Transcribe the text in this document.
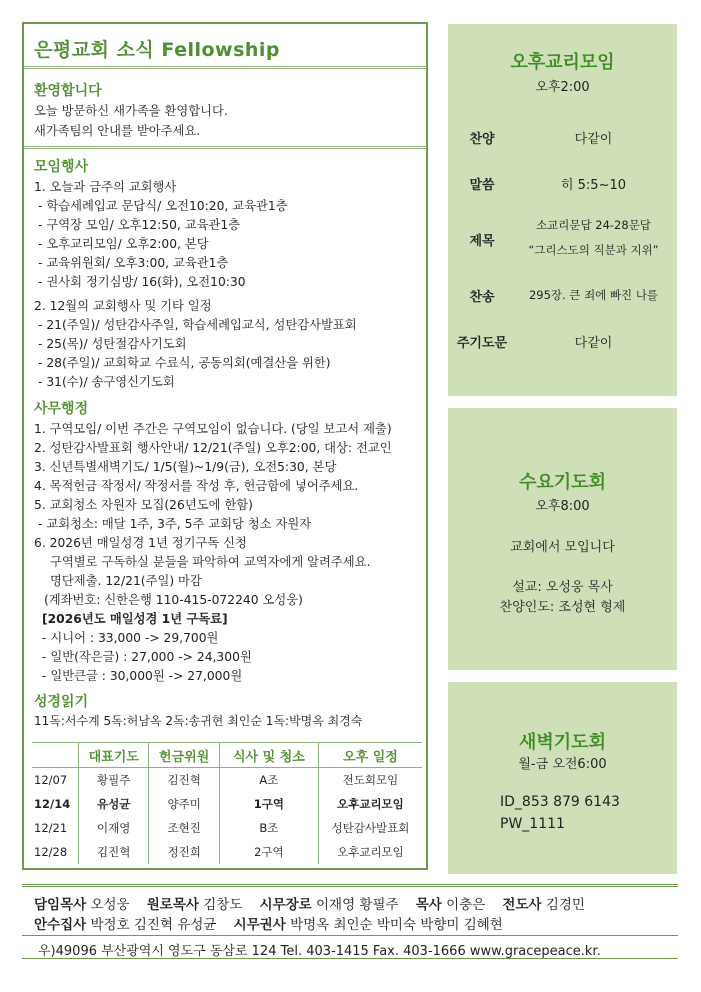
은평교회 소식 Fellowship
환영합니다
오늘 방문하신 새가족을 환영합니다.
새가족팀의 안내를 받아주세요.
모임행사
1. 오늘과 금주의 교회행사
- 학습세례입교 문답식/ 오전10:20, 교육관1층
- 구역장 모임/ 오후12:50, 교육관1층
- 오후교리모임/ 오후2:00, 본당
- 교육위원회/ 오후3:00, 교육관1층
- 권사회 정기심방/ 16(화), 오전10:30
2. 12월의 교회행사 및 기타 일정
- 21(주일)/ 성탄감사주일, 학습세례입교식, 성탄감사발표회
- 25(목)/ 성탄절감사기도회
- 28(주일)/ 교회학교 수료식, 공동의회(예결산을 위한)
- 31(수)/ 송구영신기도회
사무행정
1. 구역모임/ 이번 주간은 구역모임이 없습니다. (당일 보고서 제출)
2. 성탄감사발표회 행사안내/ 12/21(주일) 오후2:00, 대상: 전교인
3. 신년특별새벽기도/ 1/5(월)~1/9(금), 오전5:30, 본당
4. 목적헌금 작정서/ 작정서를 작성 후, 헌금함에 넣어주세요.
5. 교회청소 자원자 모집(26년도에 한함)
- 교회청소: 매달 1주, 3주, 5주 교회당 청소 자원자
6. 2026년 매일성경 1년 정기구독 신청
구역별로 구독하실 분들을 파악하여 교역자에게 알려주세요.
명단제출. 12/21(주일) 마감
(계좌번호: 신한은행 110-415-072240 오성웅)
[2026년도 매일성경 1년 구독료]
- 시니어 : 33,000 -> 29,700원
- 일반(작은글) : 27,000 -> 24,300원
- 일반큰글 : 30,000원 -> 27,000원
성경읽기
11독:서수계 5독:허남옥 2독:송귀현 최인순 1독:박명옥 최경숙
	대표기도	헌금위원	식사 및 청소	오후 일정
12/07	황필주	김진혁	A조	전도회모임
12/14	유성균	양주미	1구역	오후교리모임
12/21	이재영	조현진	B조	성탄감사발표회
12/28	김진혁	정진희	2구역	오후교리모임
오후교리모임
오후2:00
찬양	다같이
말씀	히 5:5~10
제목
소교리문답 24-28문답
“그리스도의 직분과 지위”
찬송	295장. 큰 죄에 빠진 나를
주기도문	다같이
수요기도회
오후8:00
교회에서 모입니다
설교: 오성웅 목사
찬양인도: 조성현 형제
새벽기도회
월-금 오전6:00
ID_853 879 6143
PW_1111
담임목사 오성웅 원로목사 김창도 시무장로 이재영 황필주 목사 이충은 전도사 김경민
안수집사 박정호 김진혁 유성균 시무권사 박명옥 최인순 박미숙 박향미 김혜현
우)49096 부산광역시 영도구 동삼로 124 Tel. 403-1415 Fax. 403-1666 www.gracepeace.kr.
